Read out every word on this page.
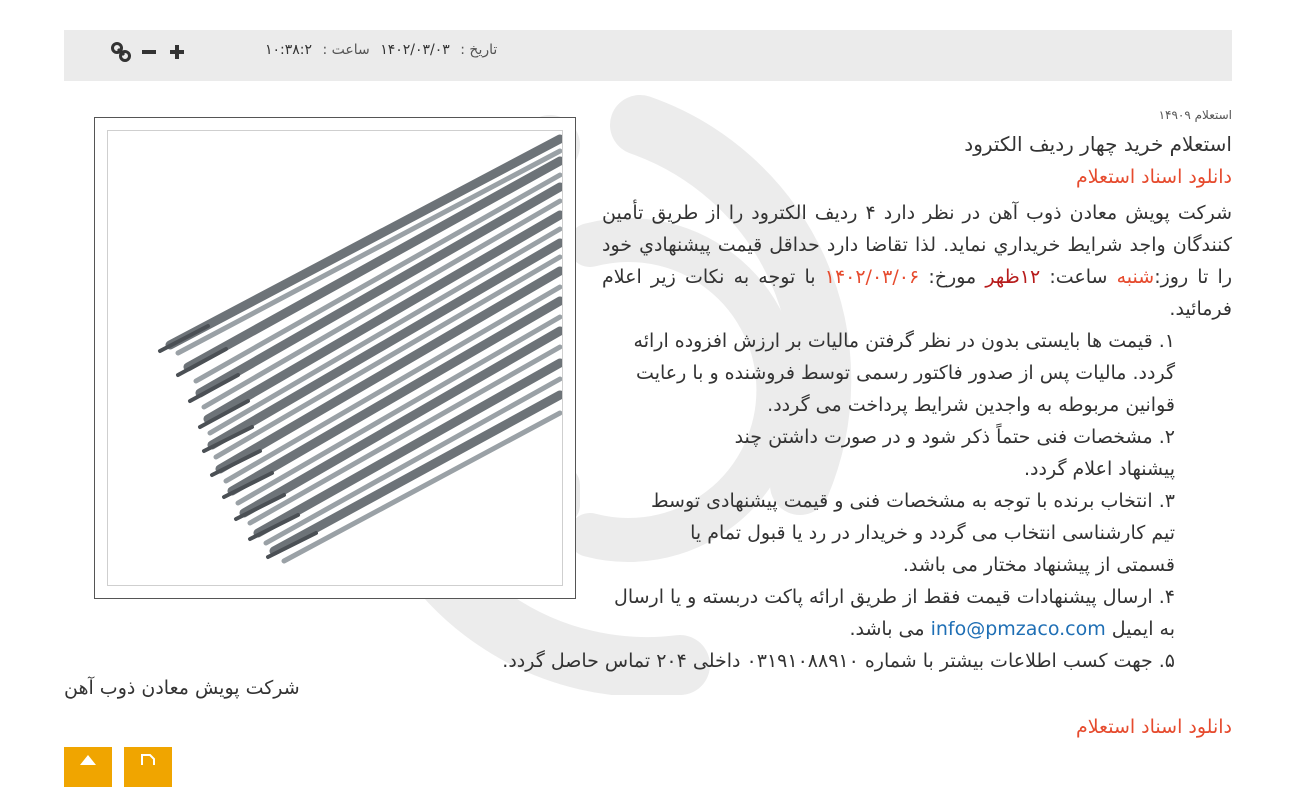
تاریخ : ۱۴۰۲/۰۳/۰۳ ساعت : ۱۰:۳۸:۲
استعلام ۱۴۹۰۹
استعلام خرید چهار ردیف الکترود
دانلود اسناد استعلام

شرکت پویش معادن ذوب آهن در نظر دارد ۴ ردیف الکترود را از طریق تأمین کنندگان واجد شرايط خريداري نمايد. لذا تقاضا دارد حداقل قيمت پيشنهادي خود را تا روز:شنبه ساعت: ۱۲ظهر مورخ: ۱۴۰۲/۰۳/۰۶ با توجه به نکات زير اعلام فرمائيد.

۱. قیمت ها بایستی بدون در نظر گرفتن مالیات بر ارزش افزوده ارائه گردد. مالیات پس از صدور فاکتور رسمی توسط فروشنده و با رعایت قوانین مربوطه به واجدین شرایط پرداخت می گردد.
۲. مشخصات فنی حتماً ذکر شود و در صورت داشتن چند پیشنهاد اعلام گردد.
۳. انتخاب برنده با توجه به مشخصات فنی و قیمت پیشنهادی توسط تیم کارشناسی انتخاب می گردد و خریدار در رد یا قبول تمام یا قسمتی از پیشنهاد مختار می باشد.
۴. ارسال پیشنهادات قیمت فقط از طریق ارائه پاکت دربسته و یا ارسال به ایمیل info@pmzaco.com می باشد.
۵. جهت کسب اطلاعات بیشتر با شماره ۰۳۱۹۱۰۸۸۹۱۰ داخلی ۲۰۴ تماس حاصل گردد.
شرکت پویش معادن ذوب آهن
دانلود اسناد استعلام
